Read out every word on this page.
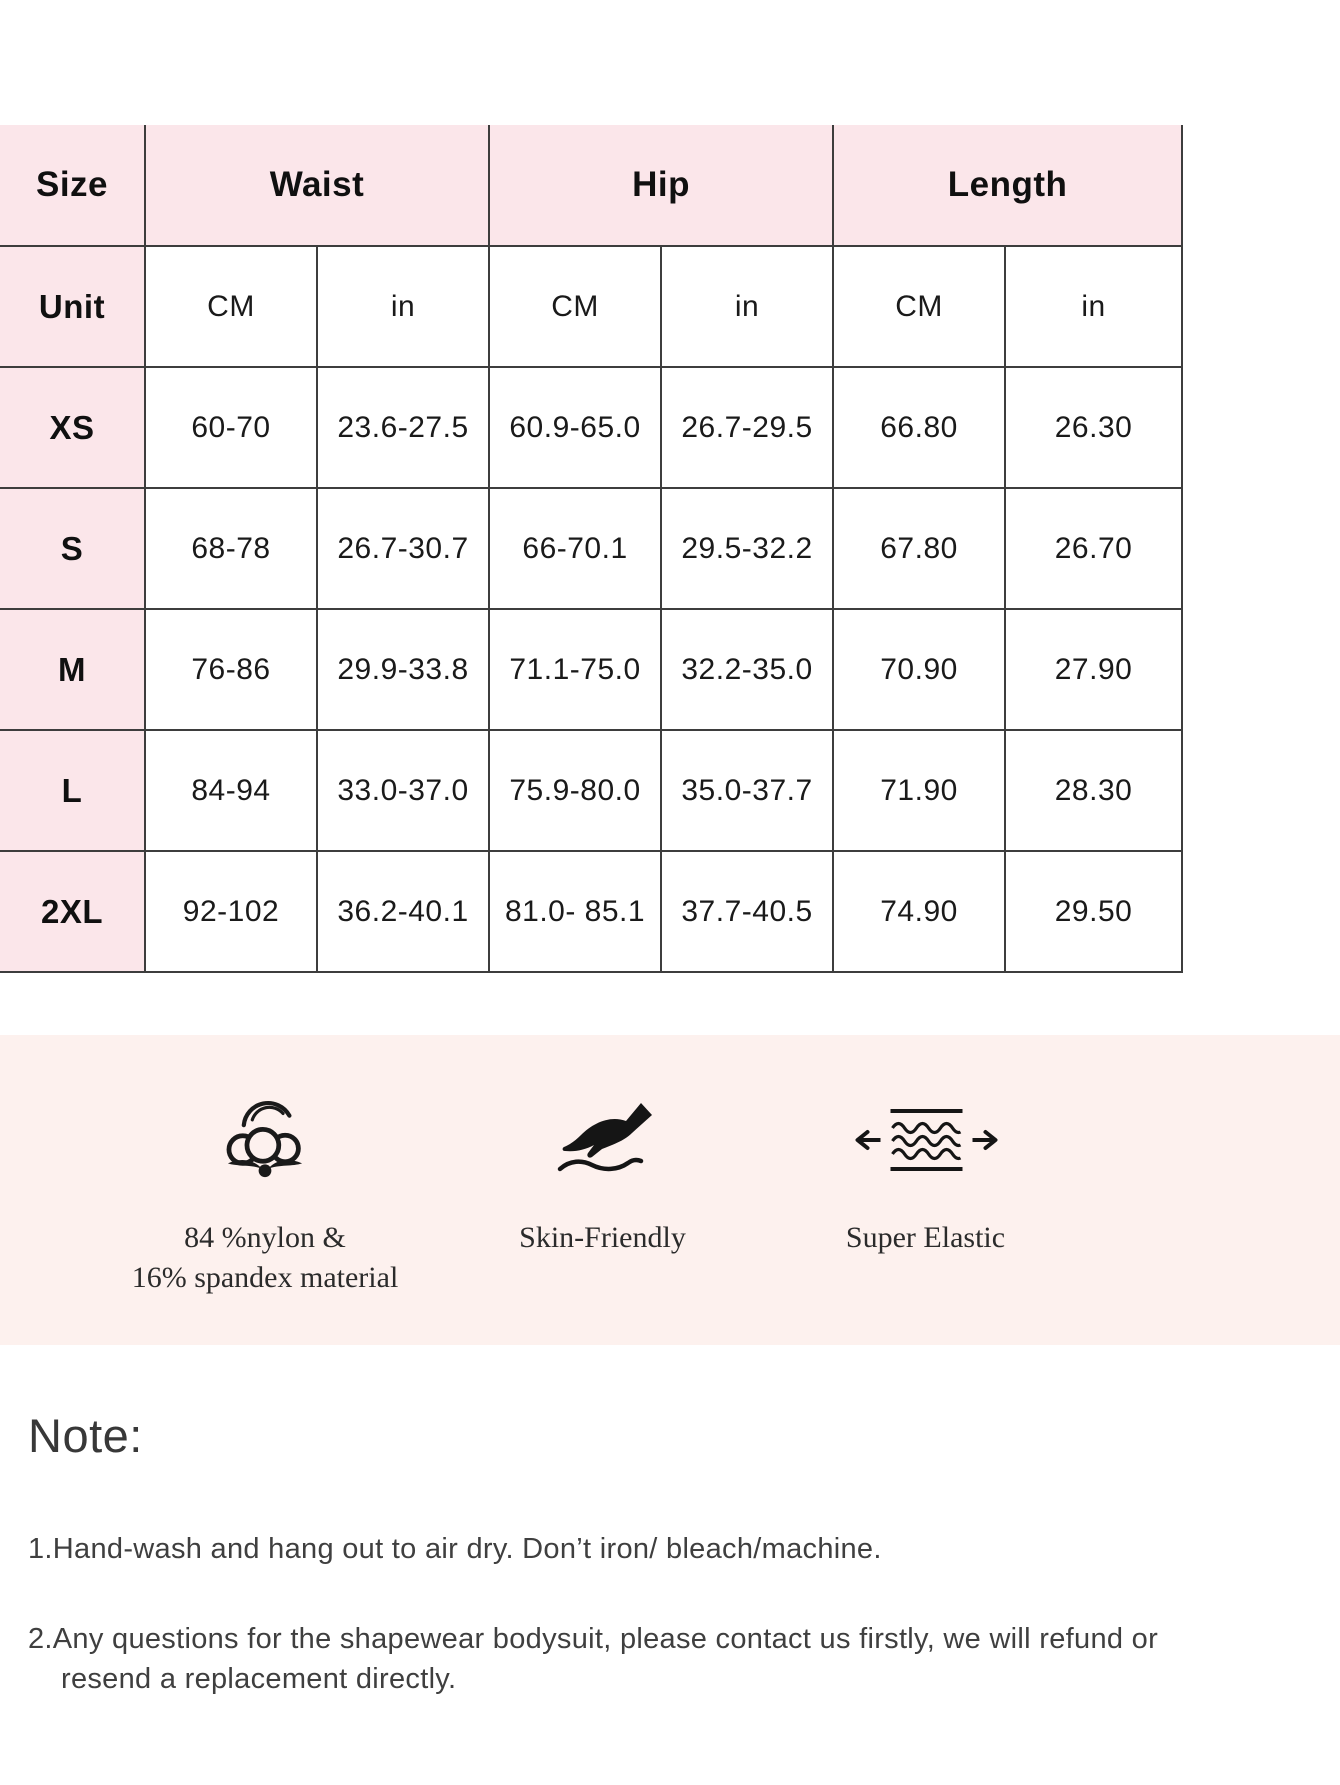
Size	Waist		Hip		Length	
Unit	CM	in	CM	in	CM	in
XS	60-70	23.6-27.5	60.9-65.0	26.7-29.5	66.80	26.30
S	68-78	26.7-30.7	66-70.1	29.5-32.2	67.80	26.70
M	76-86	29.9-33.8	71.1-75.0	32.2-35.0	70.90	27.90
L	84-94	33.0-37.0	75.9-80.0	35.0-37.7	71.90	28.30
2XL	92-102	36.2-40.1	81.0- 85.1	37.7-40.5	74.90	29.50
84 %nylon &
16% spandex material
Skin-Friendly	Super Elastic
Note:
1.Hand-wash and hang out to air dry. Don’t iron/ bleach/machine.
2.Any questions for the shapewear bodysuit, please contact us firstly, we will refund or
resend a replacement directly.
